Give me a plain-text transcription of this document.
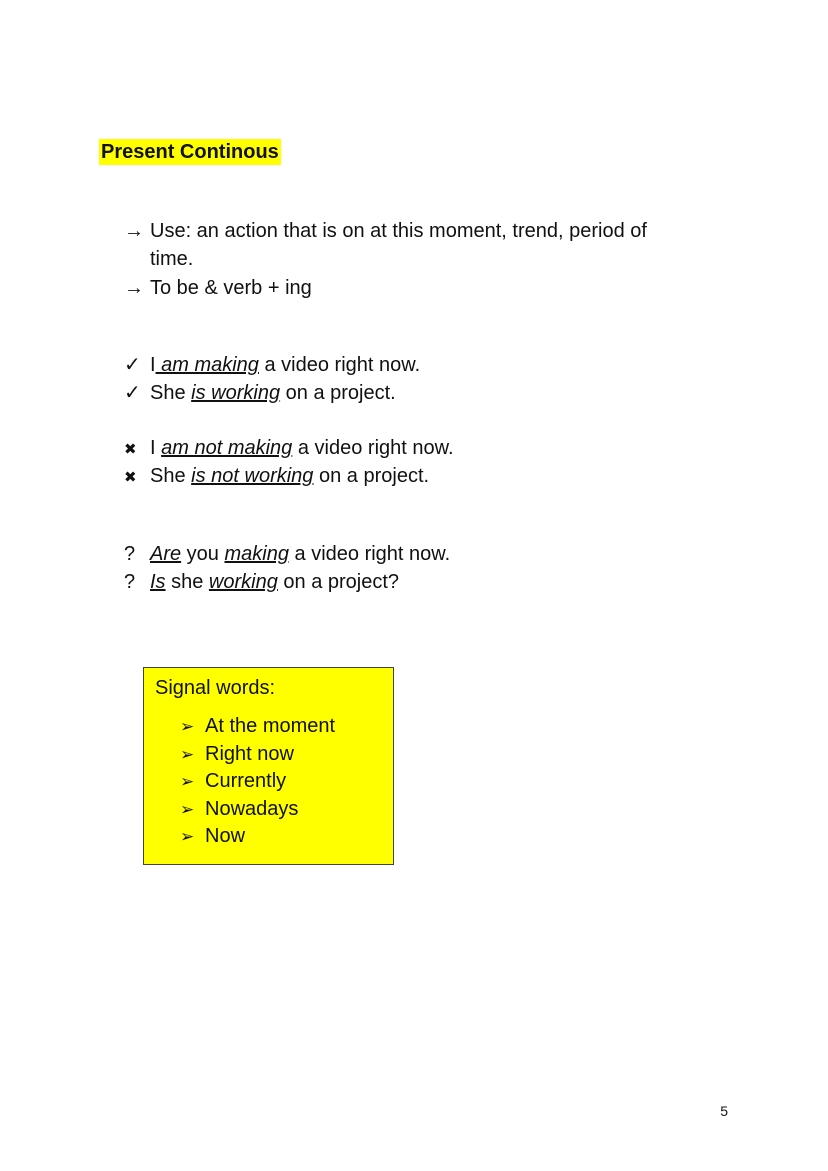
Present Continous
→ Use: an action that is on at this moment, trend, period of
time.
→ To be & verb + ing
✓ I am making a video right now.
✓ She is working on a project.
✖ I am not making a video right now.
✖ She is not working on a project.
? Are you making a video right now.
? Is she working on a project?
Signal words:
➢ At the moment
➢ Right now
➢ Currently
➢ Nowadays
➢ Now
5
